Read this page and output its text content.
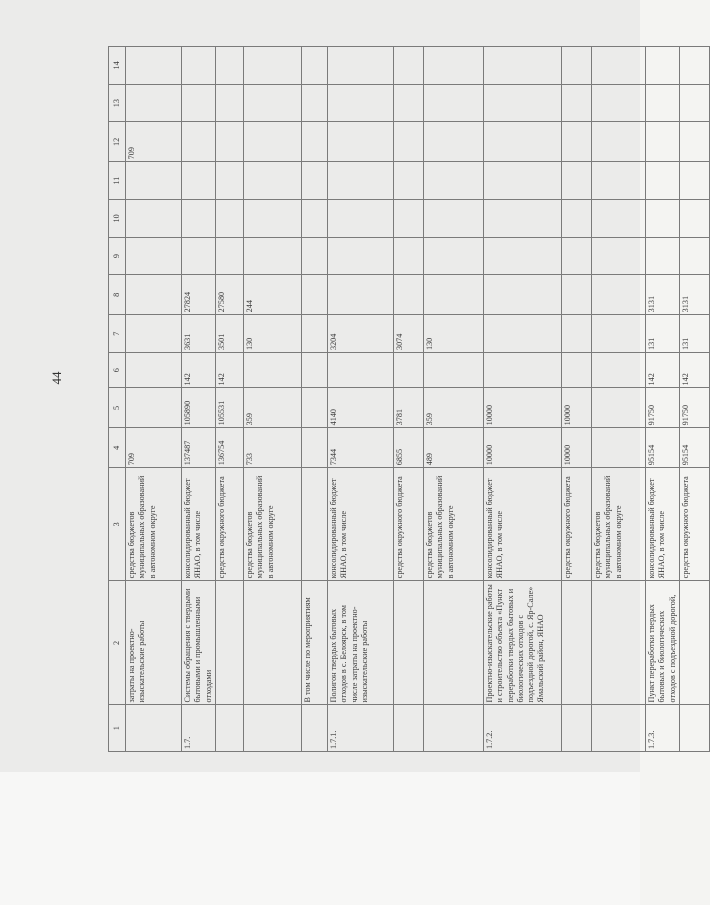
44
1	2	3	4	5	6	7	8	9	10	11	12	13	14
	затраты на проектно-изыскательские работы	средства бюджетов муниципальных образований в автономном округе	709								709		
1.7.	Системы обращения с твердыми бытовыми и промышленными отходами	консолидированный бюджет ЯНАО, в том числе	137487	105890	142	3631	27824						
		средства окружного бюджета	136754	105531	142	3501	27580						
		средства бюджетов муниципальных образований в автономном округе	733	359		130	244						
	В том числе по мероприятиям												
1.7.1.	Полигон твердых бытовых отходов в с. Белоярск, в том числе затраты на проектно-изыскательские работы	консолидированный бюджет ЯНАО, в том числе	7344	4140		3204							
		средства окружного бюджета	6855	3781		3074							
		средства бюджетов муниципальных образований в автономном округе	489	359		130							
1.7.2.	Проектно-изыскательские работы и строительство объекта «Пункт переработки твердых бытовых и биологических отходов с подъездной дорогой, с. Яр-Сале» Ямальский район, ЯНАО	консолидированный бюджет ЯНАО, в том числе	10000	10000									
		средства окружного бюджета	10000	10000									
		средства бюджетов муниципальных образований в автономном округе											
1.7.3.	Пункт переработки твердых бытовых и биологических отходов с подъездной дорогой,	консолидированный бюджет ЯНАО, в том числе	95154	91750	142	131	3131						
		средства окружного бюджета	95154	91750	142	131	3131						
